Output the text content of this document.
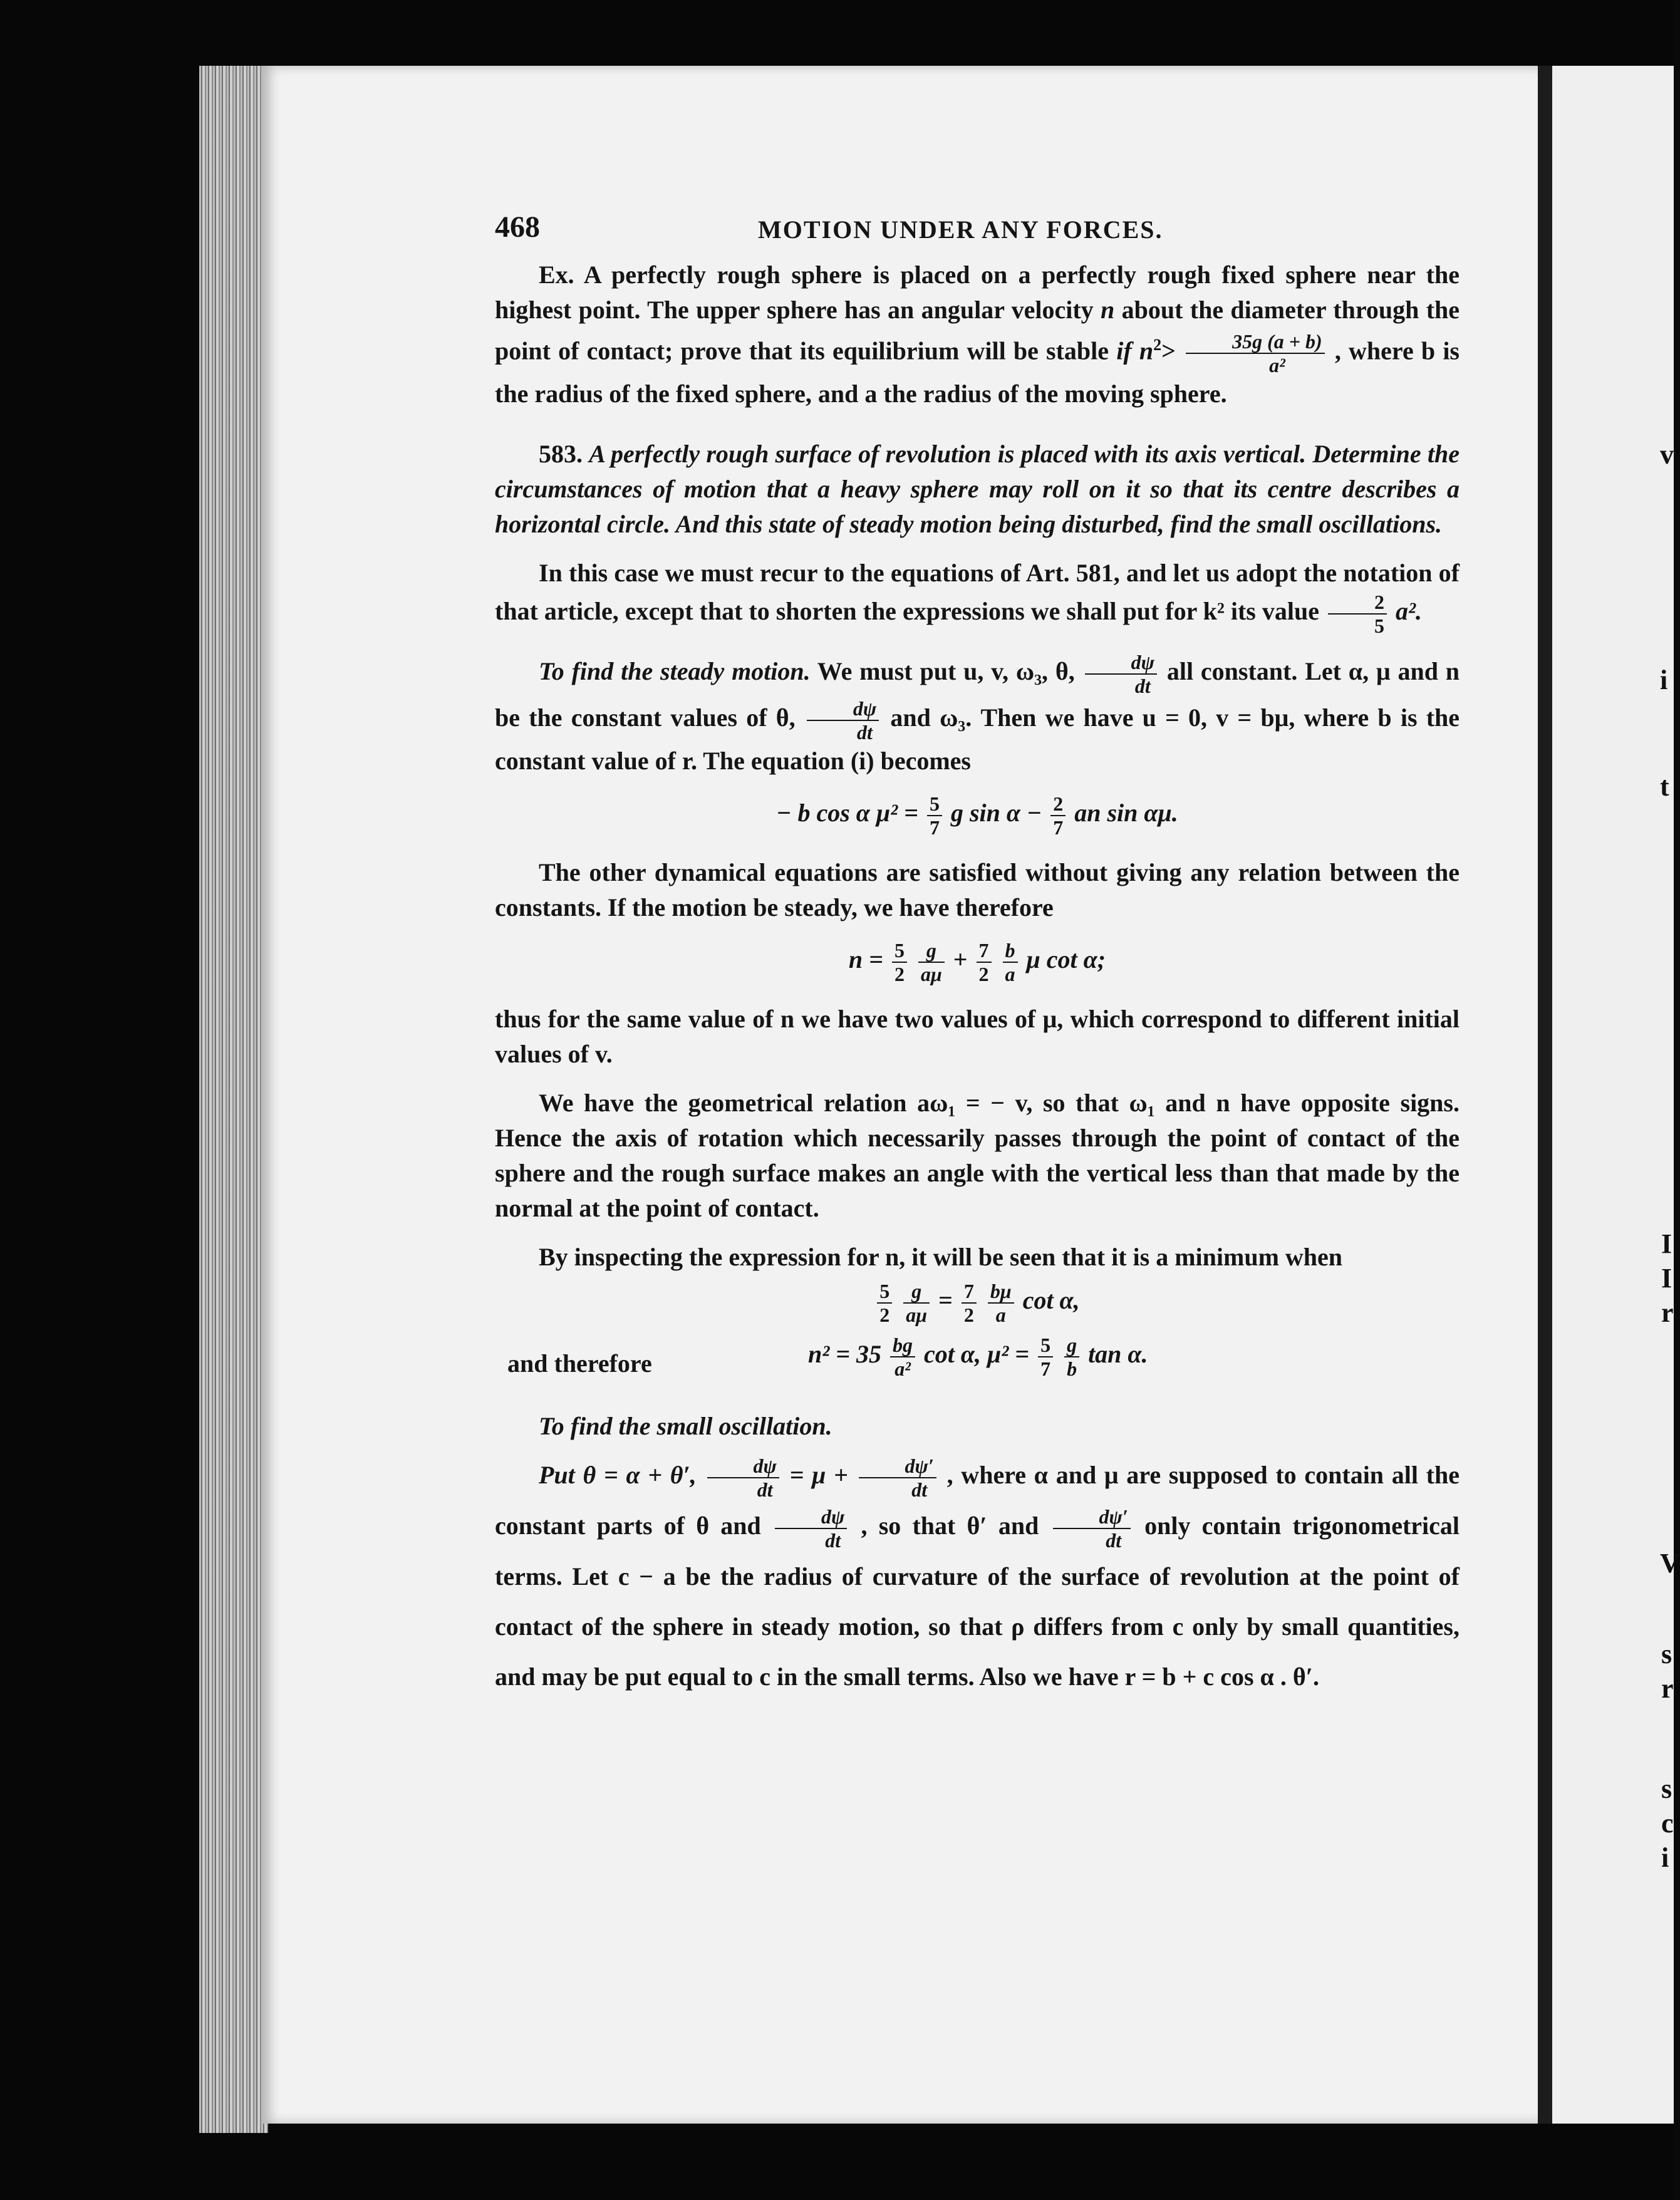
v
i
t
I
I
r
V
s
r
s
c
i
468	MOTION UNDER ANY FORCES.

Ex. A perfectly rough sphere is placed on a perfectly rough fixed sphere near the highest point. The upper sphere has an angular velocity n about the diameter through the point of contact; prove that its equilibrium will be stable if $n^2> \frac{35g (a + b)}{\text{a²}}$ , where b is the radius of the fixed sphere, and a the radius of the moving sphere.

583. A perfectly rough surface of revolution is placed with its axis vertical. Determine the circumstances of motion that a heavy sphere may roll on it so that its centre describes a horizontal circle. And this state of steady motion being disturbed, find the small oscillations.

In this case we must recur to the equations of Art. 581, and let us adopt the notation of that article, except that to shorten the expressions we shall put for k² its value $\frac{2}{5} a^2$.

To find the steady motion. We must put u, v, ω₃, θ, $\frac{d\psi}{dt}$ all constant. Let α, μ and n be the constant values of θ, $\frac{d\psi}{dt}$ and ω₃. Then we have u = 0, v = bμ, where b is the constant value of r. The equation (i) becomes

− b cos α $\mu^2 = \frac{5}{7}$ g $\sin \alpha - \frac{2}{7}$ an sin αμ.

The other dynamical equations are satisfied without giving any relation between the constants. If the motion be steady, we have therefore

$n = \frac{5}{2}$
$\frac{g}{a\mu} + \frac{7}{2}$
$\frac{b}{a}$ μ cot α;

thus for the same value of n we have two values of μ, which correspond to different initial values of v.

We have the geometrical relation aω₁ = − v, so that ω₁ and n have opposite signs. Hence the axis of rotation which necessarily passes through the point of contact of the sphere and the rough surface makes an angle with the vertical less than that made by the normal at the point of contact.

By inspecting the expression for n, it will be seen that it is a minimum when

$\frac{5}{2}$
$\frac{g}{a\mu} = \frac{7}{2}$
$\frac{b\mu}{a}$ cot α,
and therefore	$n^2 = 35 \frac{bg}{\text{a²}}$ cot α, $\mu^2 = \frac{5}{7}$
$\frac{g}{b}$ tan α.

To find the small oscillation.

Put θ = α + θ′, $\frac{d\psi}{dt} = \mu + \frac{d\psi'}{dt}$ , where α and μ are supposed to contain all the constant parts of θ and $\frac{d\psi}{dt}$ , so that θ′ and $\frac{d\psi'}{dt}$ only contain trigonometrical terms. Let c − a be the radius of curvature of the surface of revolution at the point of contact of the sphere in steady motion, so that ρ differs from c only by small quantities, and may be put equal to c in the small terms. Also we have r = b + c cos α . θ′.
